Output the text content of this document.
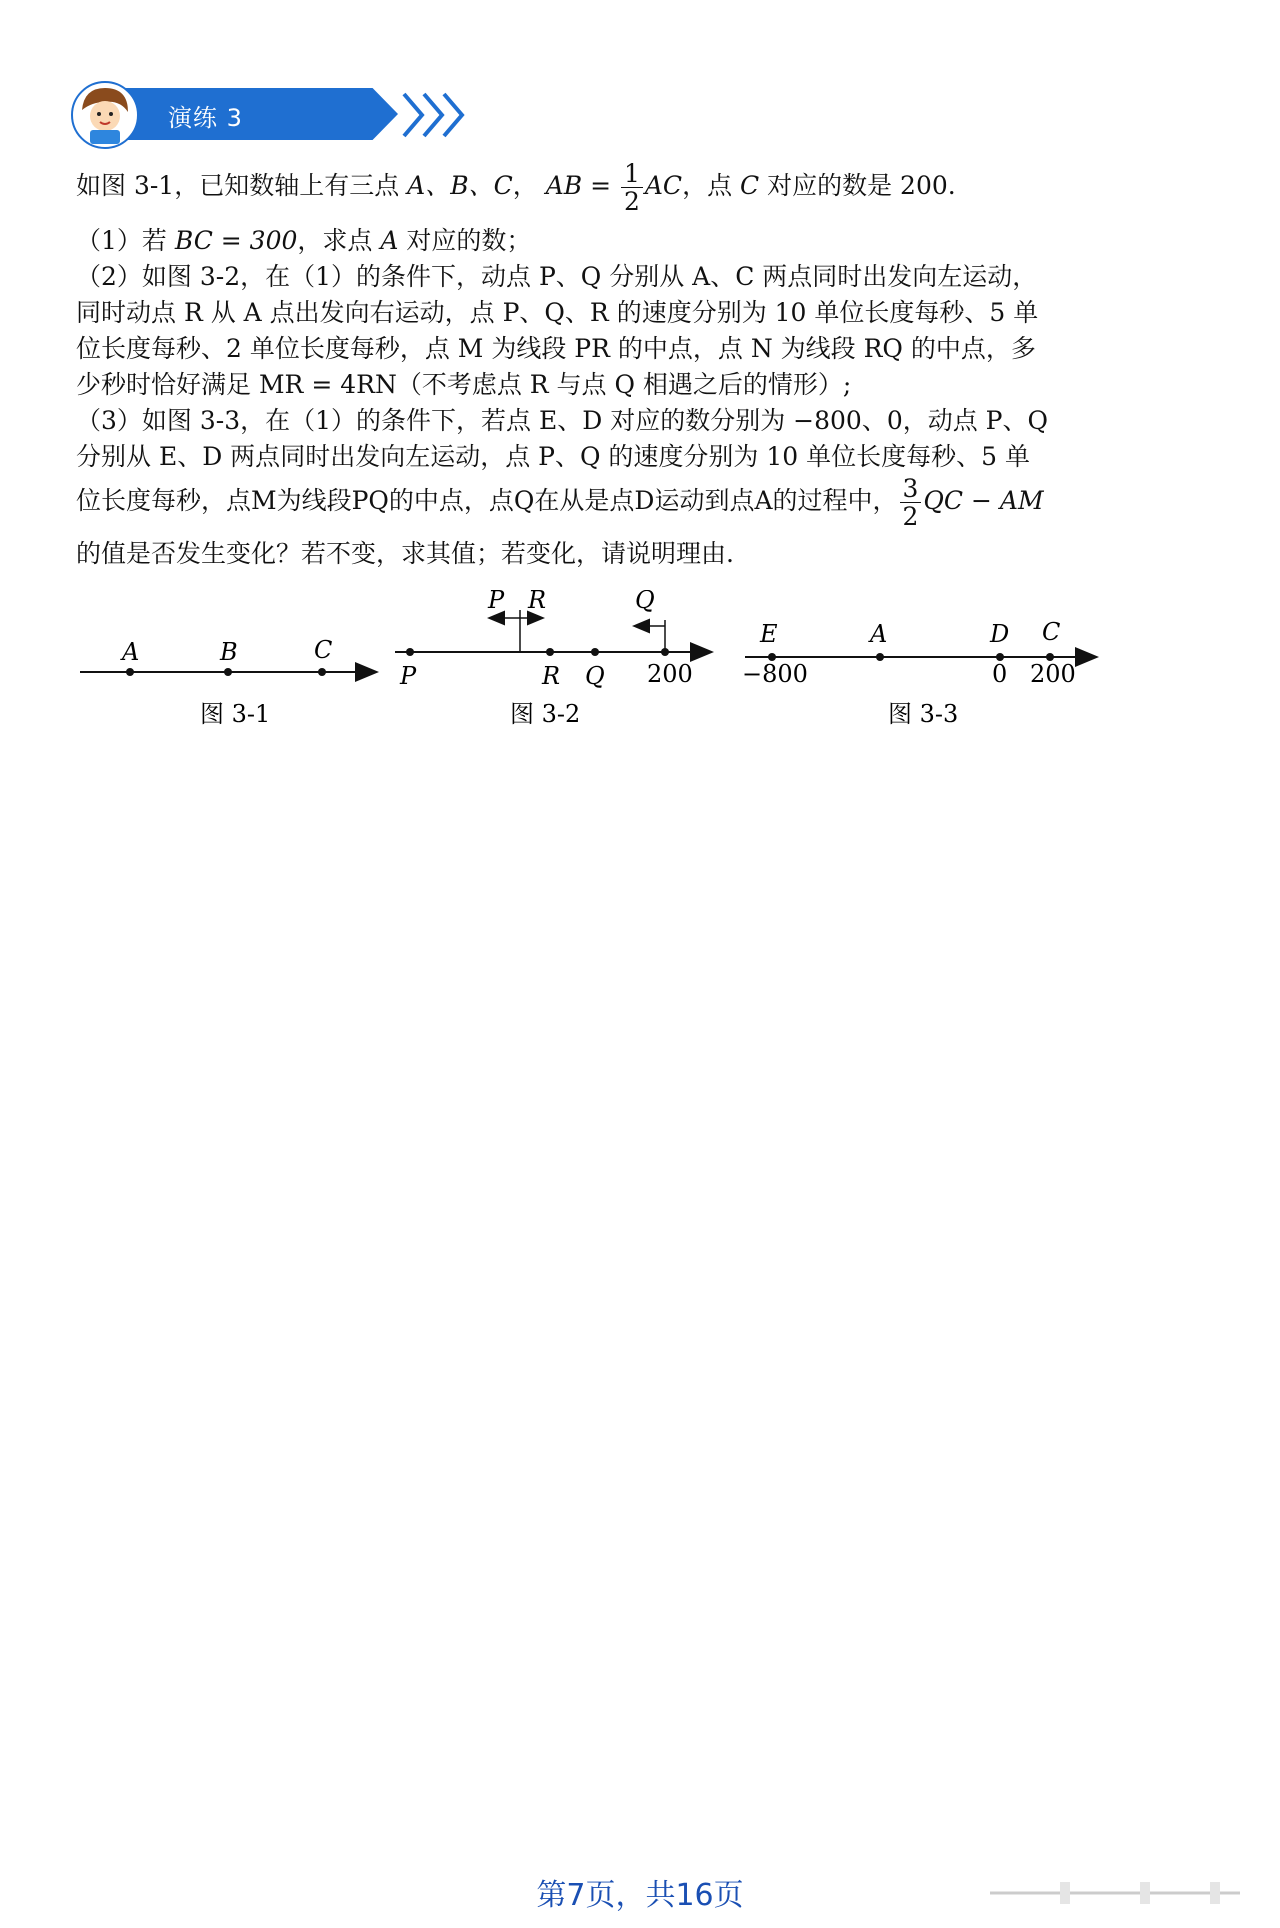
演练 3

如图 3-1，已知数轴上有三点 A、B、C， AB = $\frac{1}{2}$ AC，点 C 对应的数是 200.

（1）若 BC = 300，求点 A 对应的数；

（2）如图 3-2，在（1）的条件下，动点 P、Q 分别从 A、C 两点同时出发向左运动，

同时动点 R 从 A 点出发向右运动，点 P、Q、R 的速度分别为 10 单位长度每秒、5 单

位长度每秒、2 单位长度每秒，点 M 为线段 PR 的中点，点 N 为线段 RQ 的中点，多

少秒时恰好满足 MR = 4RN（不考虑点 R 与点 Q 相遇之后的情形）;

（3）如图 3-3，在（1）的条件下，若点 E、D 对应的数分别为 −800、0，动点 P、Q

分别从 E、D 两点同时出发向左运动，点 P、Q 的速度分别为 10 单位长度每秒、5 单

位长度每秒，点M为线段PQ的中点，点Q在从是点D运动到点A的过程中， $\frac{3}{2}$ QC − AM

的值是否发生变化？若不变，求其值；若变化，请说明理由.

A	B	C
图 3-1
P R	Q
P	R Q 200
图 3-2
E	A	D C
−800	0 200
图 3-3
第7页，共16页
